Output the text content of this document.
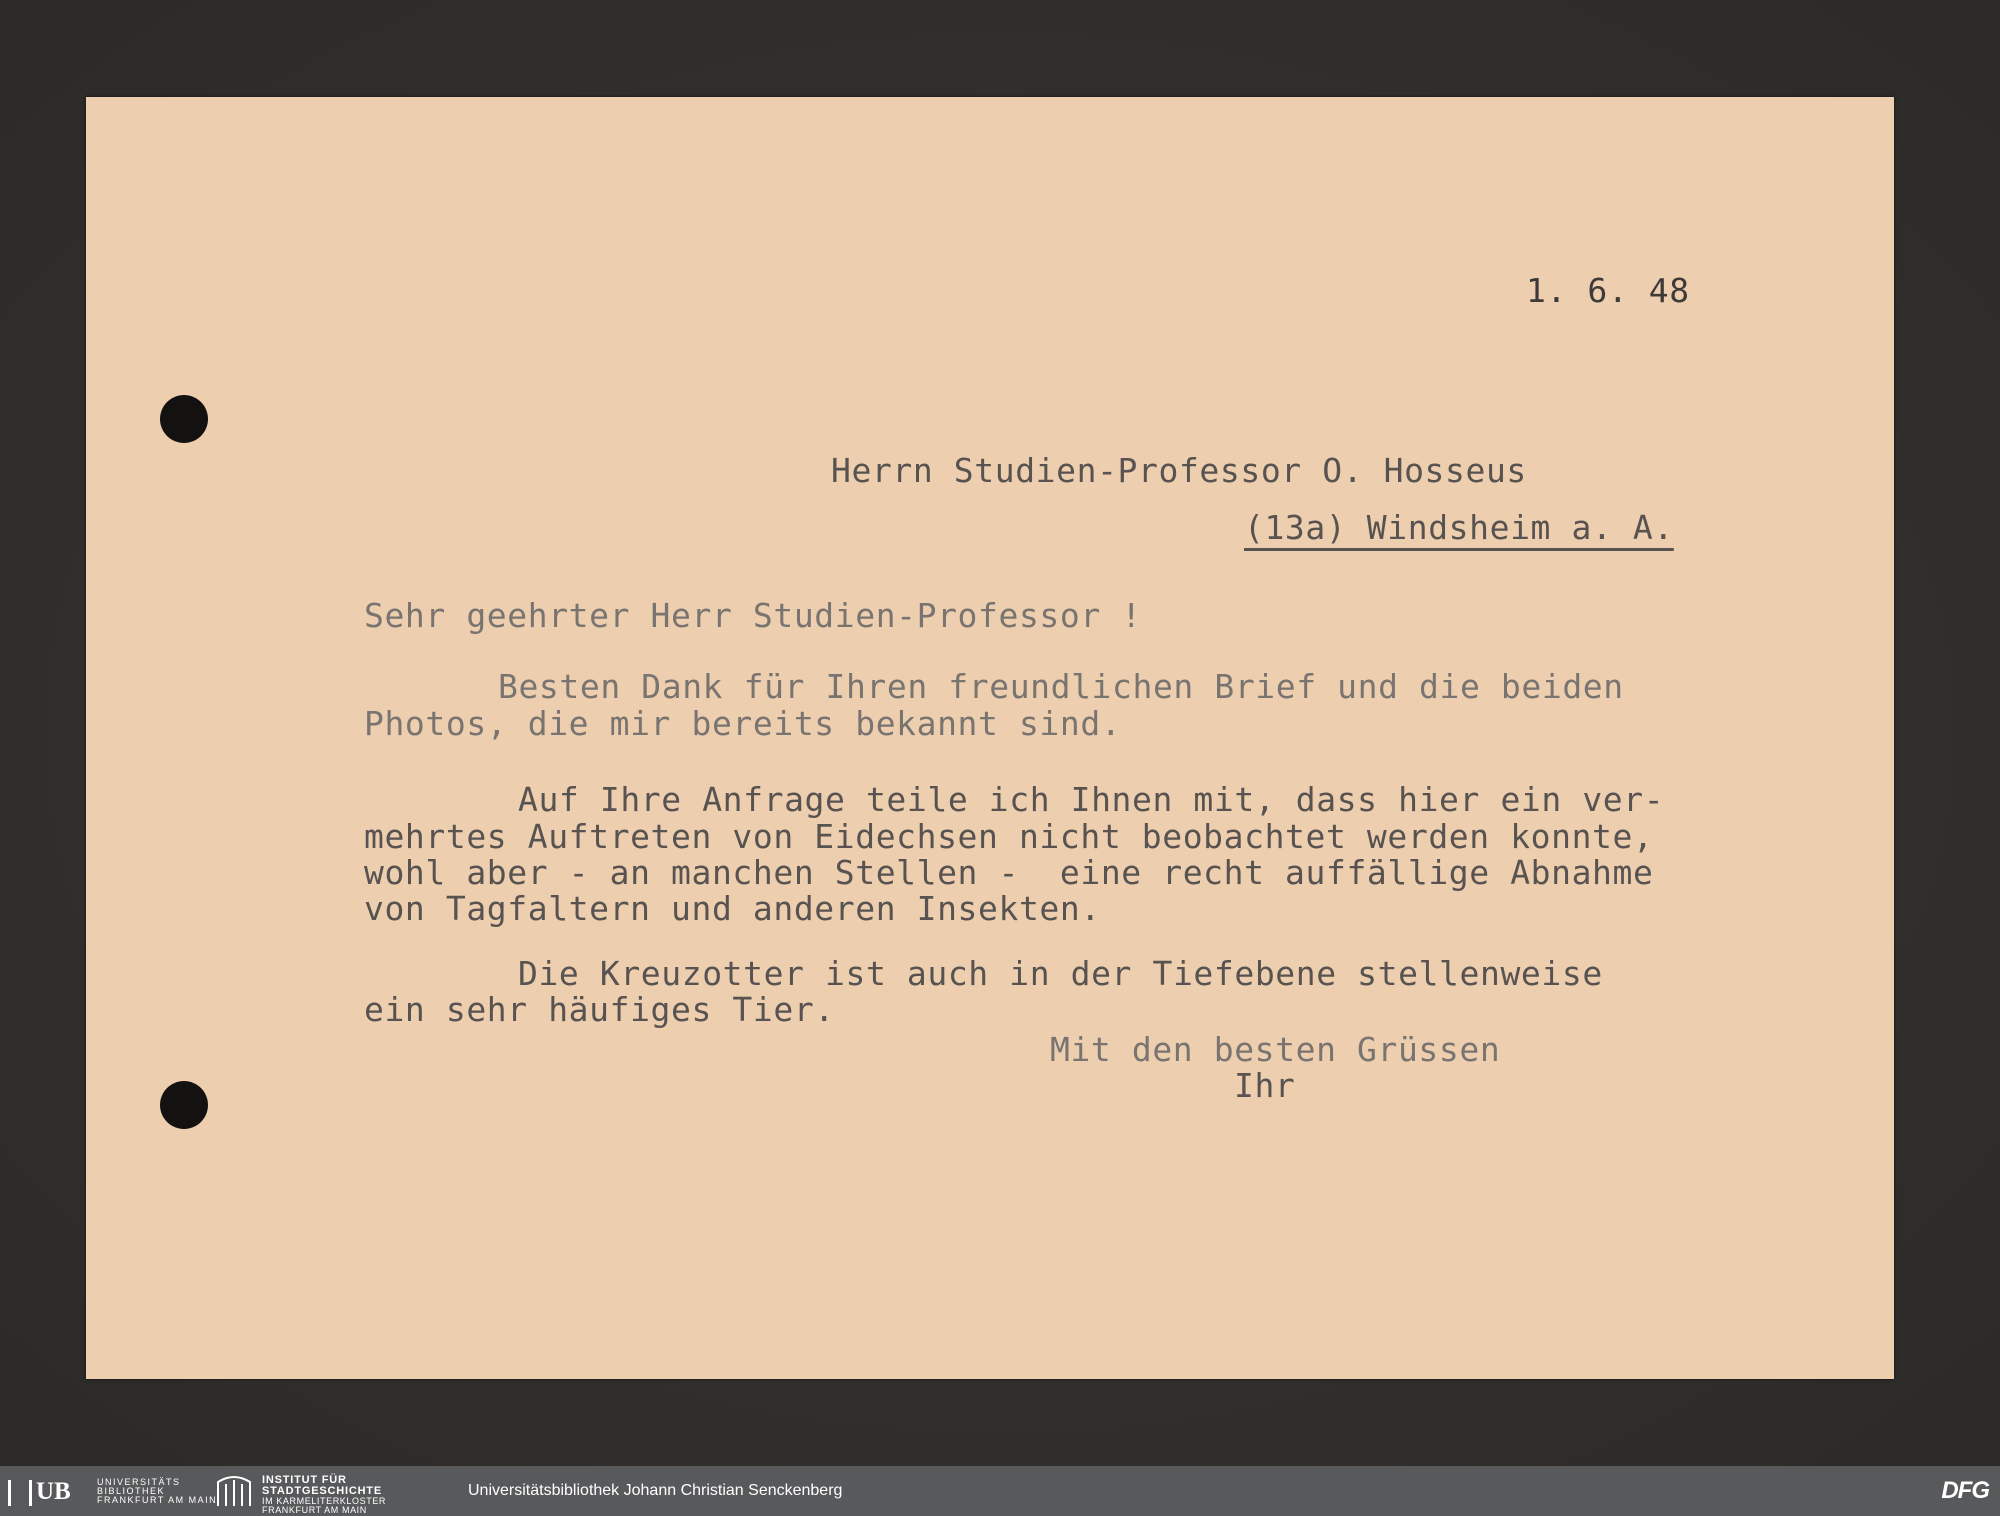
1. 6. 48
Herrn Studien-Professor O. Hosseus
(13a) Windsheim a. A.
Sehr geehrter Herr Studien-Professor !
Besten Dank für Ihren freundlichen Brief und die beiden
Photos, die mir bereits bekannt sind.
Auf Ihre Anfrage teile ich Ihnen mit, dass hier ein ver-
mehrtes Auftreten von Eidechsen nicht beobachtet werden konnte,
wohl aber - an manchen Stellen -  eine recht auffällige Abnahme
von Tagfaltern und anderen Insekten.
Die Kreuzotter ist auch in der Tiefebene stellenweise
ein sehr häufiges Tier.
Mit den besten Grüssen
Ihr
UB	UNIVERSITÄTS
BIBLIOTHEK
FRANKFURT AM MAIN
INSTITUT FÜR
STADTGESCHICHTE
IM KARMELITERKLOSTER
FRANKFURT AM MAIN
Universitätsbibliothek Johann Christian Senckenberg	DFG
